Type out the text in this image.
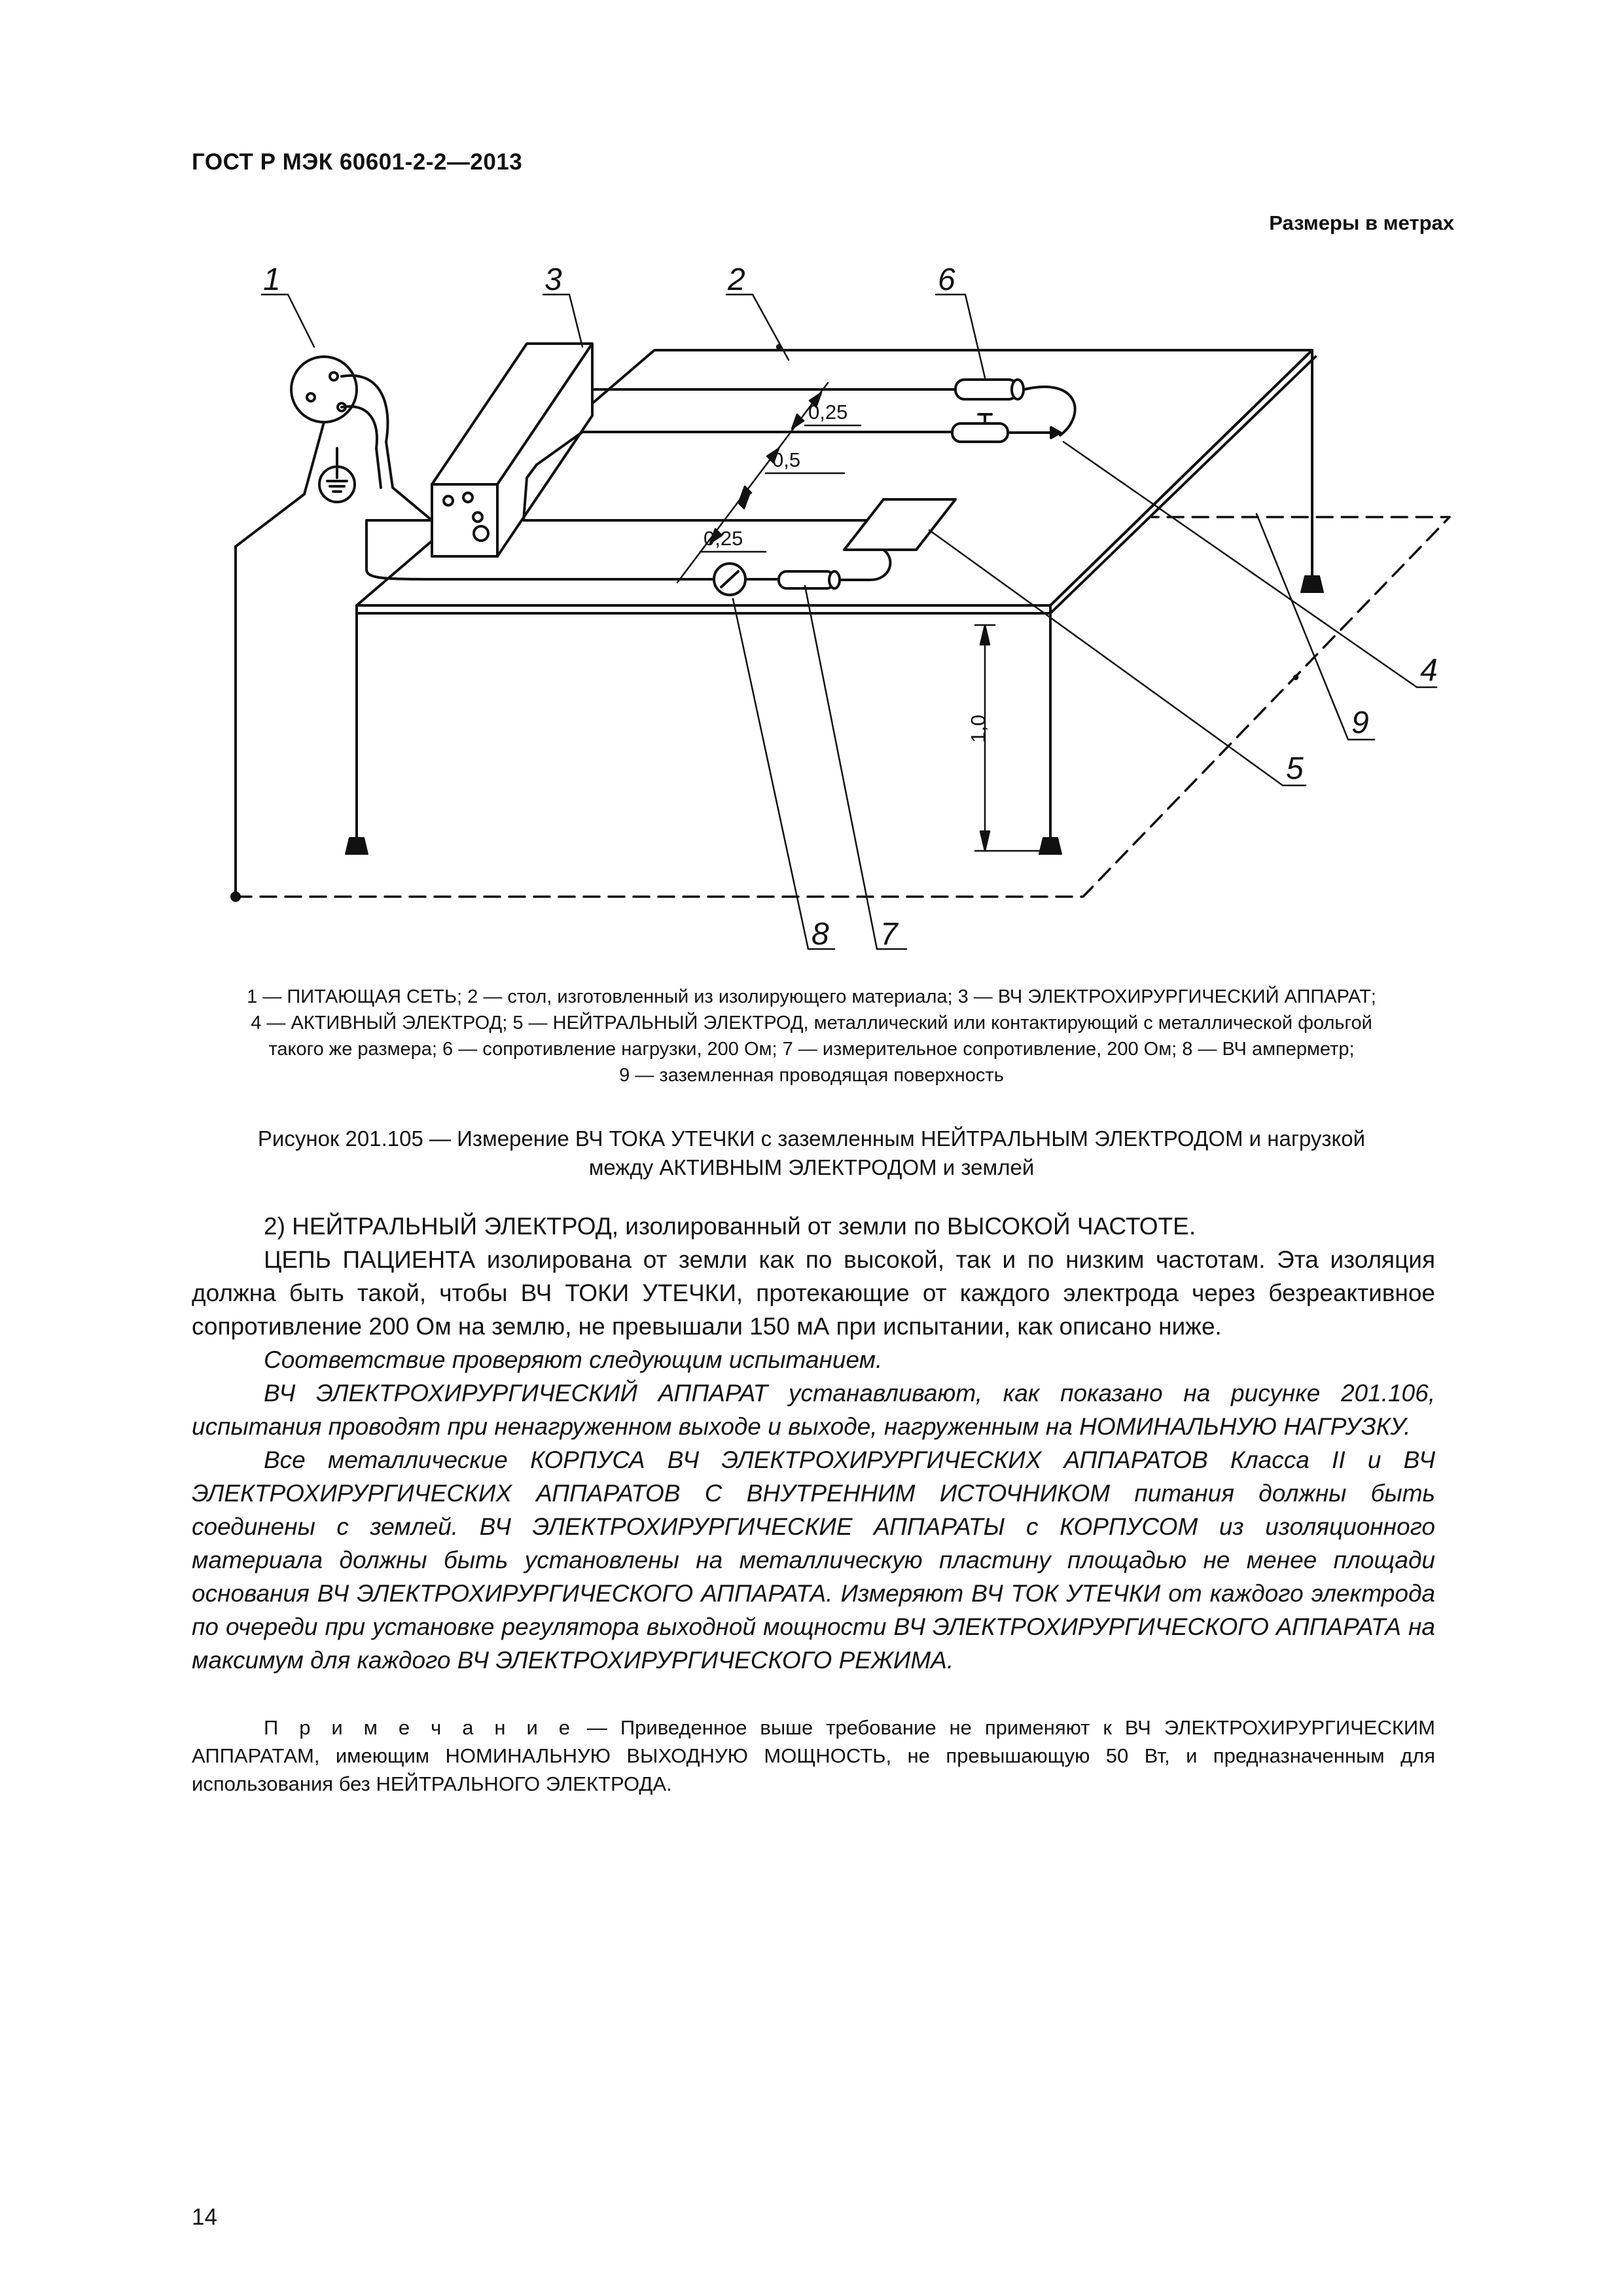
ГОСТ Р МЭК 60601-2-2—2013
Размеры в метрах
1	3	2	6
4
9
5
8 7
0,25
0,5
0,25
1,0
1 — ПИТАЮЩАЯ СЕТЬ; 2 — стол, изготовленный из изолирующего материала; 3 — ВЧ ЭЛЕКТРОХИРУРГИЧЕСКИЙ АППАРАТ;
4 — АКТИВНЫЙ ЭЛЕКТРОД; 5 — НЕЙТРАЛЬНЫЙ ЭЛЕКТРОД, металлический или контактирующий с металлической фольгой
такого же размера; 6 — сопротивление нагрузки, 200 Ом; 7 — измерительное сопротивление, 200 Ом; 8 — ВЧ амперметр;
9 — заземленная проводящая поверхность
Рисунок 201.105 — Измерение ВЧ ТОКА УТЕЧКИ с заземленным НЕЙТРАЛЬНЫМ ЭЛЕКТРОДОМ и нагрузкой
между АКТИВНЫМ ЭЛЕКТРОДОМ и землей

2) НЕЙТРАЛЬНЫЙ ЭЛЕКТРОД, изолированный от земли по ВЫСОКОЙ ЧАСТОТЕ.

ЦЕПЬ ПАЦИЕНТА изолирована от земли как по высокой, так и по низким частотам. Эта изоляция должна быть такой, чтобы ВЧ ТОКИ УТЕЧКИ, протекающие от каждого электрода через безреактивное сопротивление 200 Ом на землю, не превышали 150 мА при испытании, как описано ниже.

Соответствие проверяют следующим испытанием.

ВЧ ЭЛЕКТРОХИРУРГИЧЕСКИЙ АППАРАТ устанавливают, как показано на рисунке 201.106, испытания проводят при ненагруженном выходе и выходе, нагруженным на НОМИНАЛЬНУЮ НАГРУЗКУ.

Все металлические КОРПУСА ВЧ ЭЛЕКТРОХИРУРГИЧЕСКИХ АППАРАТОВ Класса II и ВЧ ЭЛЕКТРОХИРУРГИЧЕСКИХ АППАРАТОВ С ВНУТРЕННИМ ИСТОЧНИКОМ питания должны быть соединены с землей. ВЧ ЭЛЕКТРОХИРУРГИЧЕСКИЕ АППАРАТЫ с КОРПУСОМ из изоляционного материала должны быть установлены на металлическую пластину площадью не менее площади основания ВЧ ЭЛЕКТРОХИРУРГИЧЕСКОГО АППАРАТА. Измеряют ВЧ ТОК УТЕЧКИ от каждого электрода по очереди при установке регулятора выходной мощности ВЧ ЭЛЕКТРОХИРУРГИЧЕСКОГО АППАРАТА на максимум для каждого ВЧ ЭЛЕКТРОХИРУРГИЧЕСКОГО РЕЖИМА.

П р и м е ч а н и е — Приведенное выше требование не применяют к ВЧ ЭЛЕКТРОХИРУРГИЧЕСКИМ АППАРАТАМ, имеющим НОМИНАЛЬНУЮ ВЫХОДНУЮ МОЩНОСТЬ, не превышающую 50 Вт, и предназначенным для использования без НЕЙТРАЛЬНОГО ЭЛЕКТРОДА.
14
